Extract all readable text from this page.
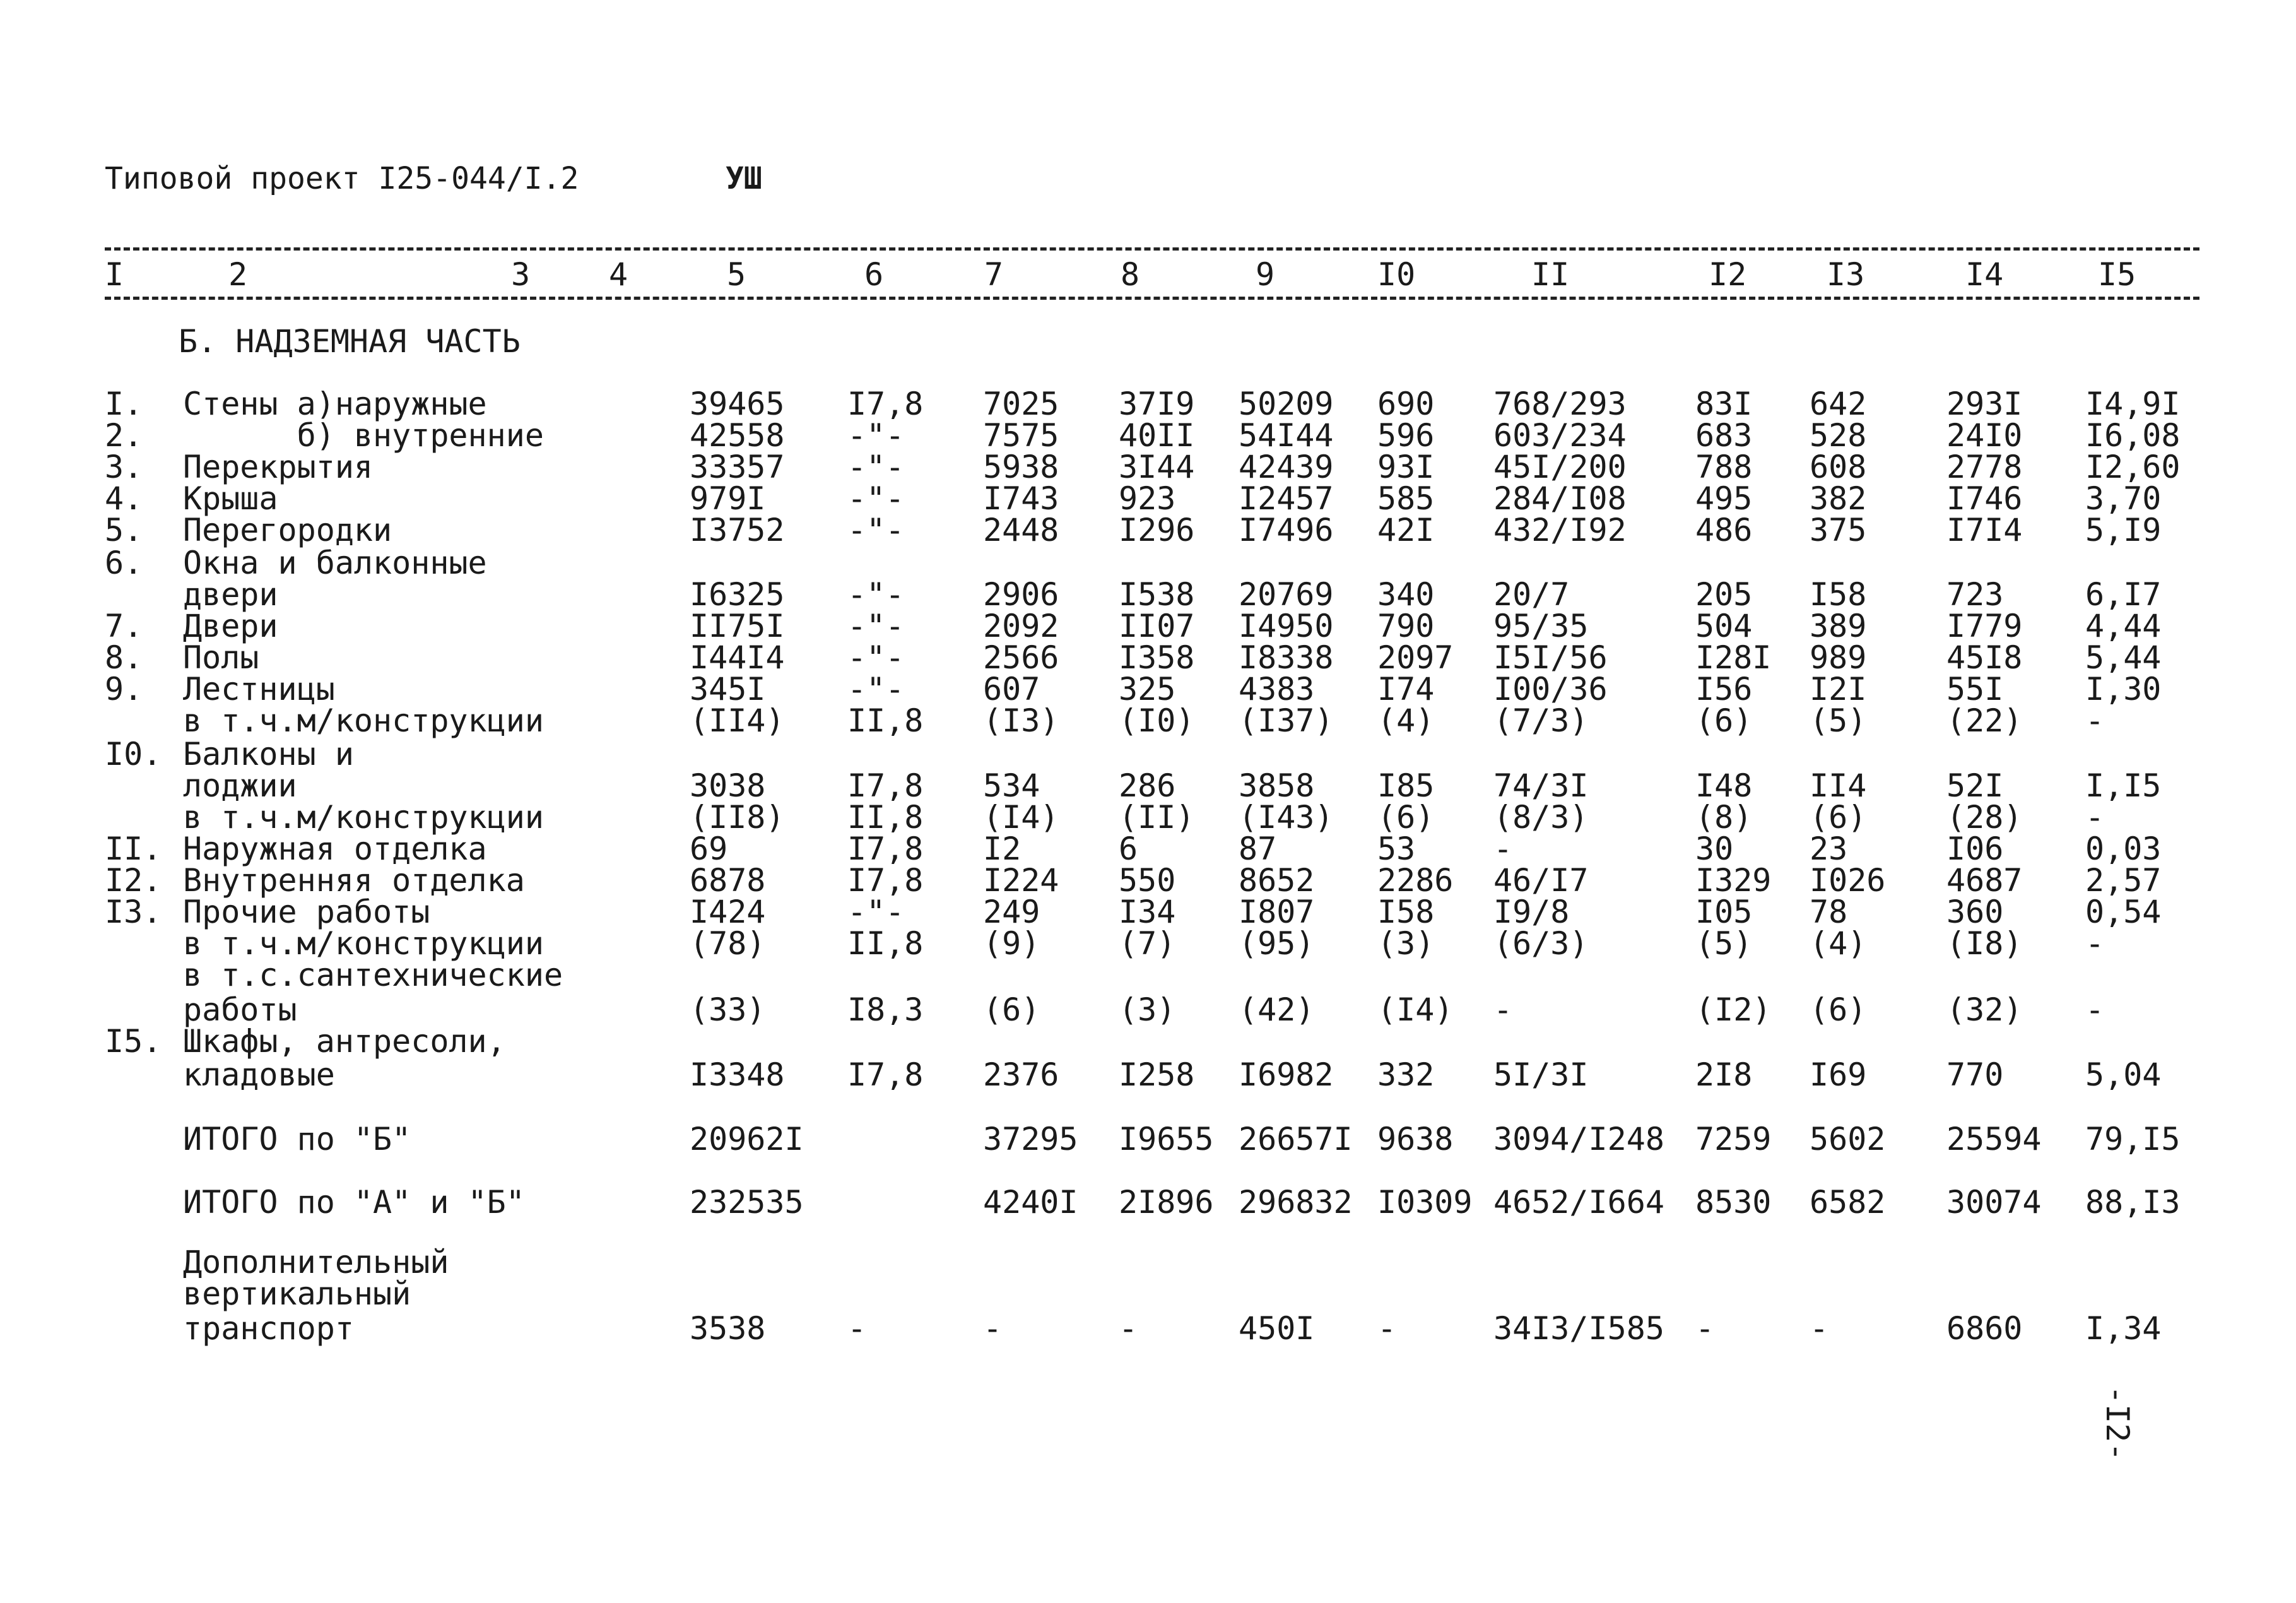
Типовой проект I25-044/I.2	УШ
I	2	3 4	5	6	7	8	9	I0	II	I2	I3	I4	I5
Б. НАДЗЕМНАЯ ЧАСТЬ
I. Стены а)наружные	39465 I7,8 7025 37I9 50209 690 768/293 83I 642	293I I4,9I
2. б) внутренние	42558 -"- 7575 40II 54I44 596 603/234 683 528	24I0 I6,08
3. Перекрытия	33357 -"- 5938 3I44 42439 93I 45I/200 788 608	2778 I2,60
4. Крыша	979I	-"- I743 923 I2457 585 284/I08 495 382	I746 3,70
5. Перегородки	I3752 -"- 2448 I296 I7496 42I 432/I92 486 375	I7I4 5,I9
6. Окна и балконные
двери	I6325 -"- 2906 I538 20769 340 20/7	205 I58	723	6,I7
7. Двери	II75I -"- 2092 II07 I4950 790 95/35	504 389	I779 4,44
8. Полы	I44I4 -"- 2566 I358 I8338 2097 I5I/56	I28I 989	45I8 5,44
9. Лестницы	345I	-"- 607 325 4383 I74 I00/36	I56 I2I	55I	I,30
в т.ч.м/конструкции	(II4) II,8 (I3) (I0) (I37) (4) (7/3)	(6) (5)	(22) -
I0. Балконы и
лоджии	3038	I7,8 534 286 3858 I85 74/3I	I48 II4	52I	I,I5
в т.ч.м/конструкции	(II8) II,8 (I4) (II) (I43) (6) (8/3)	(8) (6)	(28) -
II. Наружная отделка	69	I7,8 I2	6	87	53 -	30 23	I06	0,03
I2. Внутренняя отделка	6878	I7,8 I224 550 8652 2286 46/I7	I329 I026 4687 2,57
I3. Прочие работы	I424	-"- 249 I34 I807 I58 I9/8	I05 78	360	0,54
в т.ч.м/конструкции	(78)	II,8 (9) (7) (95) (3) (6/3)	(5) (4)	(I8) -
в т.с.сантехнические
работы	(33)	I8,3 (6) (3) (42) (I4) -	(I2) (6)	(32) -
I5. Шкафы, антресоли,
кладовые	I3348 I7,8 2376 I258 I6982 332 5I/3I	2I8 I69	770	5,04
ИТОГО по "Б"	20962I	37295 I9655 26657I 9638 3094/I248 7259 5602 25594 79,I5
ИТОГО по "А" и "Б"	232535	4240I 2I896 296832 I0309 4652/I664 8530 6582 30074 88,I3
Дополнительный
вертикальный
транспорт	3538	-	-	-	450I -	34I3/I585 -	-	6860 I,34
-I2-
